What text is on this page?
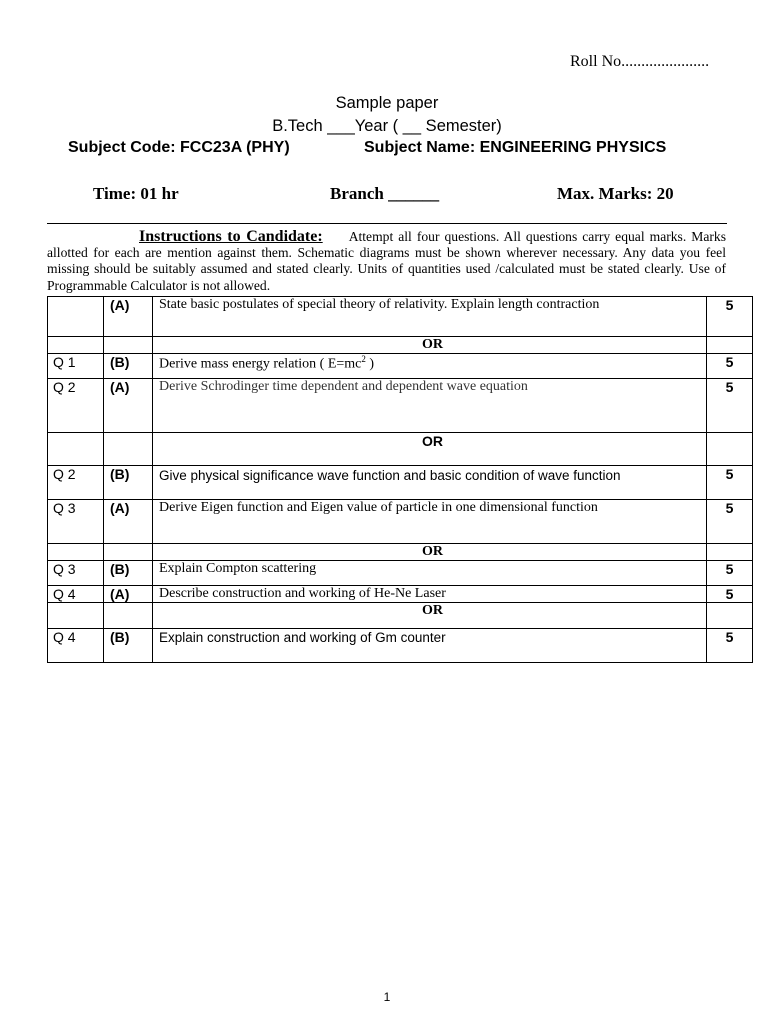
Roll No......................
Sample paper
B.Tech ___Year ( __ Semester)
Subject Code: FCC23A (PHY)	Subject Name: ENGINEERING PHYSICS
Time: 01 hr	Branch ______	Max. Marks: 20
Instructions to Candidate: Attempt all four questions. All questions carry equal marks. Marks allotted for each are mention against them. Schematic diagrams must be shown wherever necessary. Any data you feel missing should be suitably assumed and stated clearly. Units of quantities used /calculated must be stated clearly. Use of Programmable Calculator is not allowed.
	(A)	State basic postulates of special theory of relativity. Explain length contraction	5
		OR	
Q 1	(B)	Derive mass energy relation ( $E=mc^2$ )	5
Q 2	(A)	Derive Schrodinger time dependent and dependent wave equation	5
		OR	
Q 2	(B)	Give physical significance wave function and basic condition of wave function	5
Q 3	(A)	Derive Eigen function and Eigen value of particle in one dimensional function	5
		OR	
Q 3	(B)	Explain Compton scattering	5
Q 4	(A)	Describe construction and working of He-Ne Laser	5
		OR	
Q 4	(B)	Explain construction and working of Gm counter	5
1
